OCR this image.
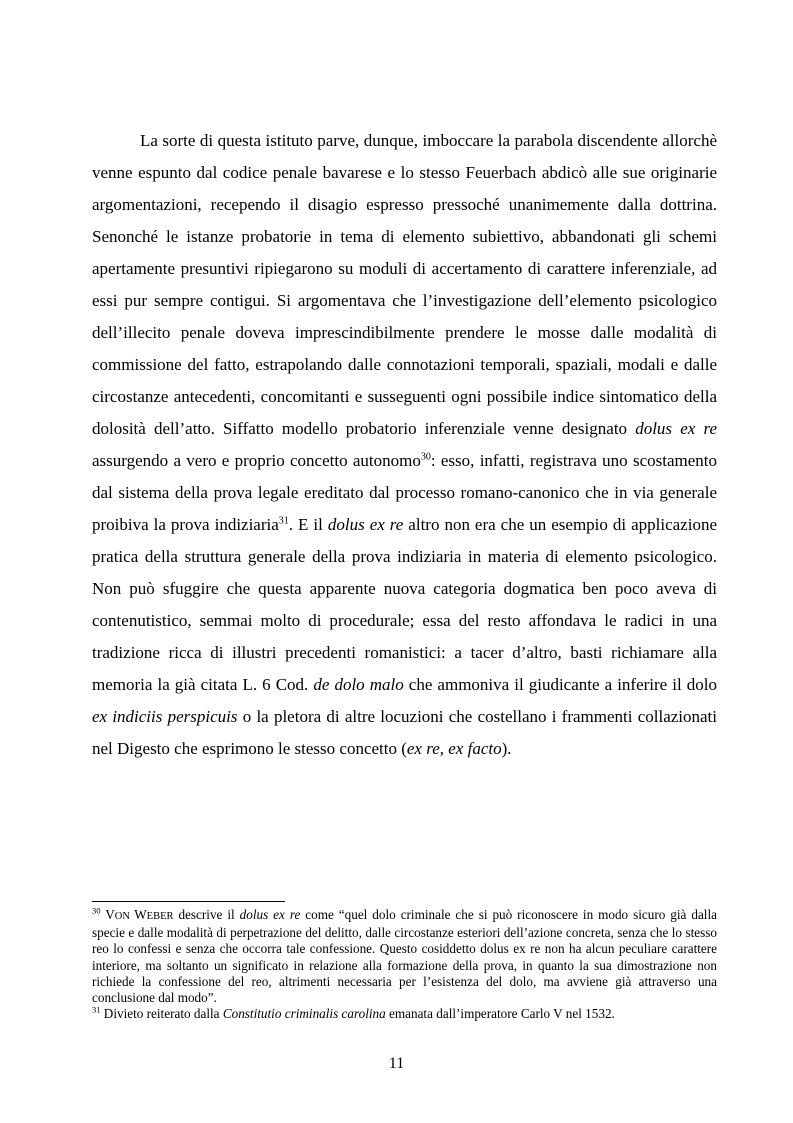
La sorte di questa istituto parve, dunque, imboccare la parabola discendente allorchè venne espunto dal codice penale bavarese e lo stesso Feuerbach abdicò alle sue originarie argomentazioni, recependo il disagio espresso pressoché unanimemente dalla dottrina. Senonché le istanze probatorie in tema di elemento subiettivo, abbandonati gli schemi apertamente presuntivi ripiegarono su moduli di accertamento di carattere inferenziale, ad essi pur sempre contigui. Si argomentava che l’investigazione dell’elemento psicologico dell’illecito penale doveva imprescindibilmente prendere le mosse dalle modalità di commissione del fatto, estrapolando dalle connotazioni temporali, spaziali, modali e dalle circostanze antecedenti, concomitanti e susseguenti ogni possibile indice sintomatico della dolosità dell’atto. Siffatto modello probatorio inferenziale venne designato dolus ex re assurgendo a vero e proprio concetto autonomo$^{30}$: esso, infatti, registrava uno scostamento dal sistema della prova legale ereditato dal processo romano-canonico che in via generale proibiva la prova indiziaria$^{31}$. E il dolus ex re altro non era che un esempio di applicazione pratica della struttura generale della prova indiziaria in materia di elemento psicologico. Non può sfuggire che questa apparente nuova categoria dogmatica ben poco aveva di contenutistico, semmai molto di procedurale; essa del resto affondava le radici in una tradizione ricca di illustri precedenti romanistici: a tacer d’altro, basti richiamare alla memoria la già citata L. 6 Cod. de dolo malo che ammoniva il giudicante a inferire il dolo ex indiciis perspicuis o la pletora di altre locuzioni che costellano i frammenti collazionati nel Digesto che esprimono le stesso concetto (ex re, ex facto).

$^{30}$ VON WEBER descrive il dolus ex re come “quel dolo criminale che si può riconoscere in modo sicuro già dalla specie e dalle modalità di perpetrazione del delitto, dalle circostanze esteriori dell’azione concreta, senza che lo stesso reo lo confessi e senza che occorra tale confessione. Questo cosiddetto dolus ex re non ha alcun peculiare carattere interiore, ma soltanto un significato in relazione alla formazione della prova, in quanto la sua dimostrazione non richiede la confessione del reo, altrimenti necessaria per l’esistenza del dolo, ma avviene già attraverso una conclusione dal modo”.

$^{31}$ Divieto reiterato dalla Constitutio criminalis carolina emanata dall’imperatore Carlo V nel 1532.

11
